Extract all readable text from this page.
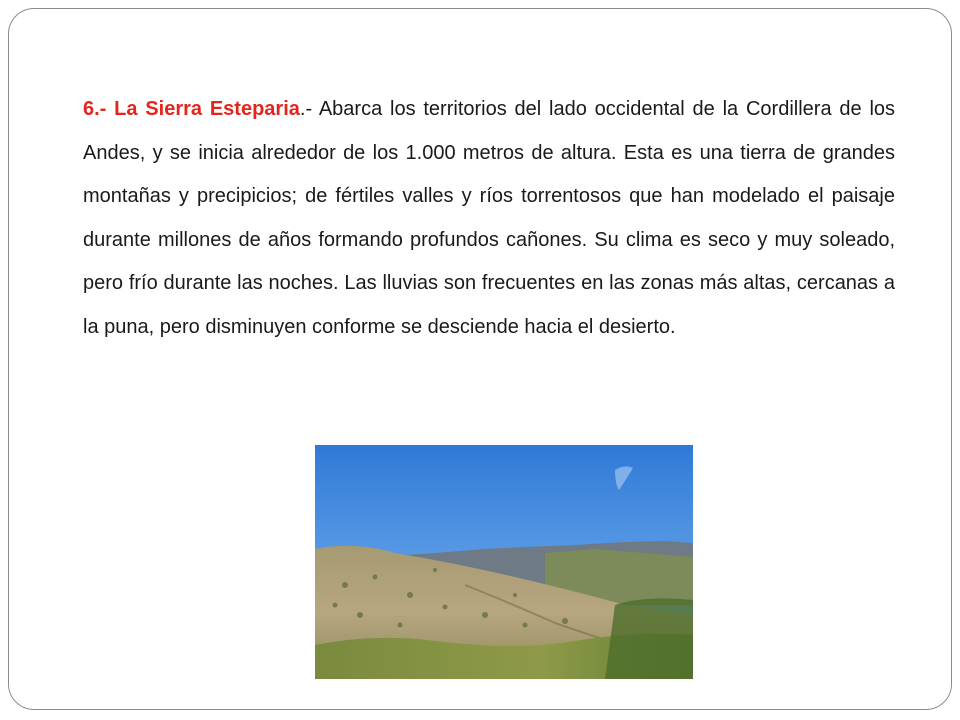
6.- La Sierra Esteparia.- Abarca los territorios del lado occidental de la Cordillera de los Andes, y se inicia alrededor de los 1.000 metros de altura. Esta es una tierra de grandes montañas y precipicios; de fértiles valles y ríos torrentosos que han modelado el paisaje durante millones de años formando profundos cañones. Su clima es seco y muy soleado, pero frío durante las noches. Las lluvias son frecuentes en las zonas más altas, cercanas a la puna, pero disminuyen conforme se desciende hacia el desierto.
